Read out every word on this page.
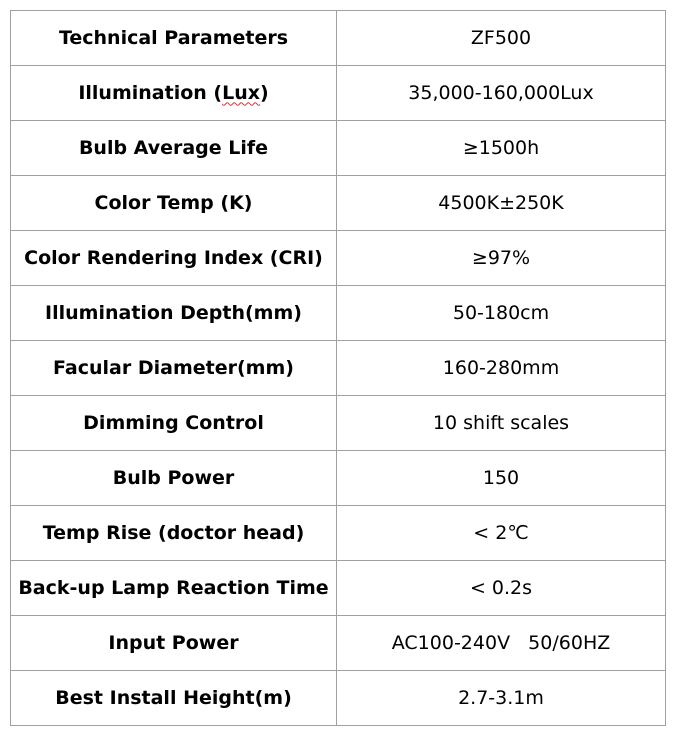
Technical Parameters	ZF500
Illumination (Lux)	35,000-160,000Lux
Bulb Average Life	≥1500h
Color Temp (K)	4500K±250K
Color Rendering Index (CRI)	≥97%
Illumination Depth(mm)	50-180cm
Facular Diameter(mm)	160-280mm
Dimming Control	10 shift scales
Bulb Power	150
Temp Rise (doctor head)	< 2℃
Back-up Lamp Reaction Time	< 0.2s
Input Power	AC100-240V   50/60HZ
Best Install Height(m)	2.7-3.1m
